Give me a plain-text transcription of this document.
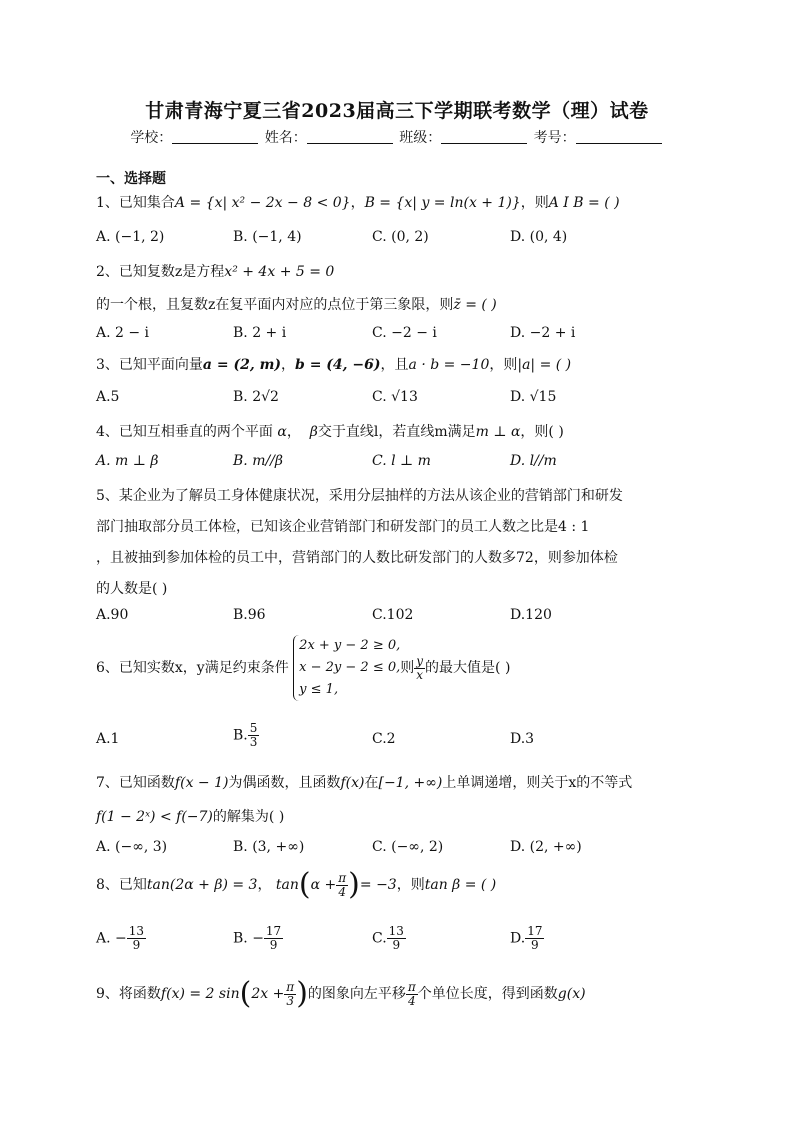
甘肃青海宁夏三省2023届高三下学期联考数学（理）试卷
学校：	姓名：	班级：	考号：
一、选择题
1、已知集合A = {x| x² − 2x − 8 < 0}，B = {x| y = ln(x + 1)}，则A I B = ( )
A. (−1, 2)	B. (−1, 4)	C. (0, 2)	D. (0, 4)
2、已知复数z是方程x² + 4x + 5 = 0
的一个根，且复数z在复平面内对应的点位于第三象限，则z̄ = ( )
A. 2 − i	B. 2 + i	C. −2 − i	D. −2 + i
3、已知平面向量a = (2, m)，b = (4, −6)，且a · b = −10，则|a| = ( )
A.5	B. 2√2	C. √13	D. √15
4、已知互相垂直的两个平面 α， β交于直线l，若直线m满足m ⊥ α，则( )
A. m ⊥ β	B. m//β	C. l ⊥ m	D. l//m
5、某企业为了解员工身体健康状况，采用分层抽样的方法从该企业的营销部门和研发
部门抽取部分员工体检，已知该企业营销部门和研发部门的员工人数之比是4 : 1
，且被抽到参加体检的员工中，营销部门的人数比研发部门的人数多72，则参加体检
的人数是( )
A.90	B.96	C.102	D.120
6、已知实数x，y满足约束条件
2x + y − 2 ≥ 0,
x − 2y − 2 ≤ 0,
y ≤ 1,
则 $\frac{y}{x}$ 的最大值是( )
A.1	B. $\frac{5}{3}$	C.2	D.3
7、已知函数f(x − 1)为偶函数，且函数f(x)在[−1, +∞)上单调递增，则关于x的不等式
f(1 − 2ˣ) < f(−7)的解集为( )
A. (−∞, 3)	B. (3, +∞)	C. (−∞, 2)	D. (2, +∞)
8、已知tan(2α + β) = 3， $\tan(\alpha + \frac{\pi}{4}$ )= −3，则tan β = ( )
A. − $\frac{13}{9}$	B. − $\frac{17}{9}$	C. $\frac{13}{9}$	D. $\frac{17}{9}$
9、将函数f(x) = 2 $\sin(2x + \frac{\pi}{3}$ )的图象向左平移 $\frac{\pi}{4}$ 个单位长度，得到函数g(x)
